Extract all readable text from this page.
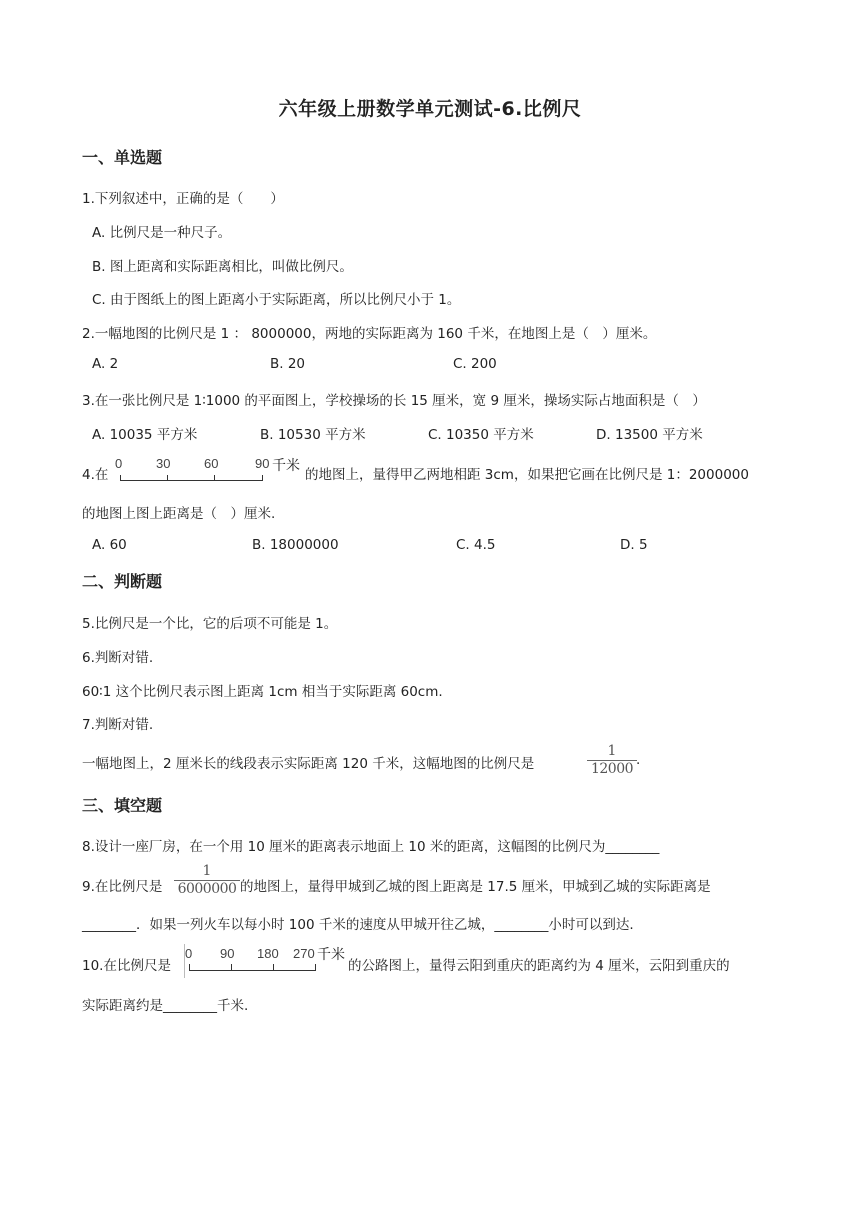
六年级上册数学单元测试-6.比例尺
一、单选题
1.下列叙述中，正确的是（　　）
A. 比例尺是一种尺子。
B. 图上距离和实际距离相比，叫做比例尺。
C. 由于图纸上的图上距离小于实际距离，所以比例尺小于 1。
2.一幅地图的比例尺是 1 ： 8000000，两地的实际距离为 160 千米，在地图上是（　）厘米。
A. 2	B. 20	C. 200
3.在一张比例尺是 1∶1000 的平面图上，学校操场的长 15 厘米，宽 9 厘米，操场实际占地面积是（　）
A. 10035 平方米	B. 10530 平方米	C. 10350 平方米	D. 13500 平方米
4.在
0	30	60	90 千米
的地图上，量得甲乙两地相距 3cm，如果把它画在比例尺是 1：2000000
的地图上图上距离是（　）厘米.
A. 60	B. 18000000	C. 4.5	D. 5
二、判断题
5.比例尺是一个比，它的后项不可能是 1。
6.判断对错.
60∶1 这个比例尺表示图上距离 1cm 相当于实际距离 60cm.
7.判断对错.
一幅地图上，2 厘米长的线段表示实际距离 120 千米，这幅地图的比例尺是
1
12000
.
三、填空题
8.设计一座厂房，在一个用 10 厘米的距离表示地面上 10 米的距离，这幅图的比例尺为________
9.在比例尺是
1
6000000 的地图上，量得甲城到乙城的图上距离是 17.5 厘米，甲城到乙城的实际距离是
________．如果一列火车以每小时 100 千米的速度从甲城开往乙城，________小时可以到达.
10.在比例尺是
0 90 180 270 千米
的公路图上，量得云阳到重庆的距离约为 4 厘米，云阳到重庆的
实际距离约是________千米.
